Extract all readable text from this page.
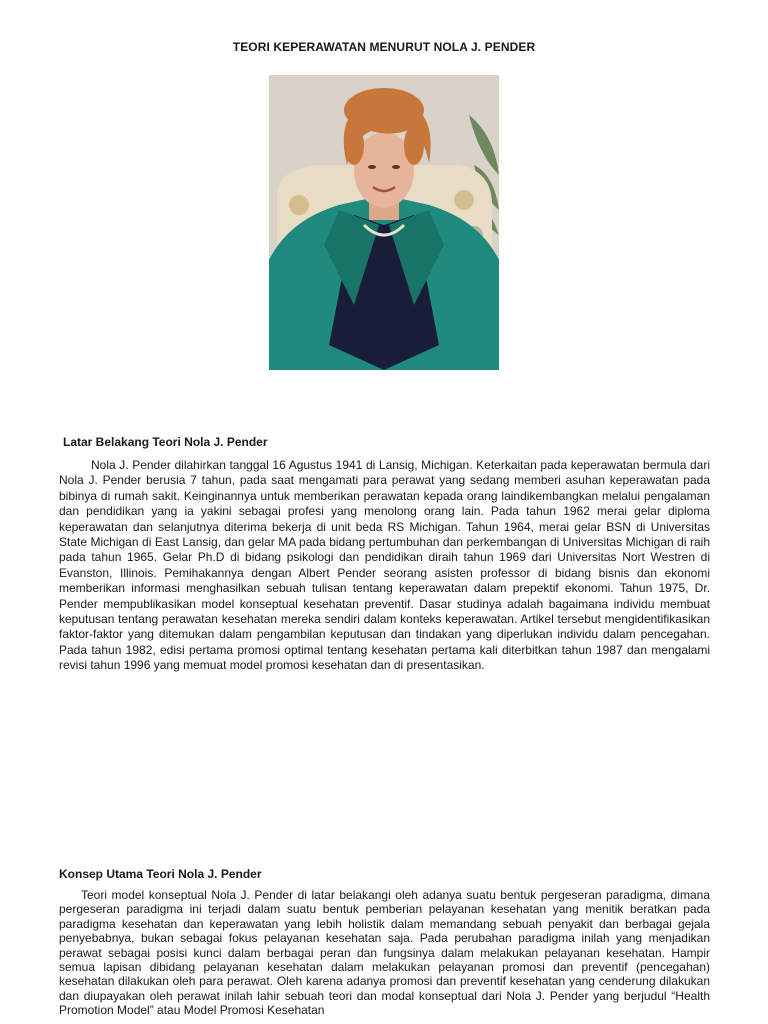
TEORI KEPERAWATAN MENURUT NOLA J. PENDER
Latar Belakang Teori Nola J. Pender

Nola J. Pender dilahirkan tanggal 16 Agustus 1941 di Lansig, Michigan. Keterkaitan pada keperawatan bermula dari Nola J. Pender berusia 7 tahun, pada saat mengamati para perawat yang sedang memberi asuhan keperawatan pada bibinya di rumah sakit. Keinginannya untuk memberikan perawatan kepada orang laindikembangkan melalui pengalaman dan pendidikan yang ia yakini sebagai profesi yang menolong orang lain. Pada tahun 1962 merai gelar diploma keperawatan dan selanjutnya diterima bekerja di unit beda RS Michigan. Tahun 1964, merai gelar BSN di Universitas State Michigan di East Lansig, dan gelar MA pada bidang pertumbuhan dan perkembangan di Universitas Michigan di raih pada tahun 1965. Gelar Ph.D di bidang psikologi dan pendidikan diraih tahun 1969 dari Universitas Nort Westren di Evanston, Illinois. Pemihakannya dengan Albert Pender seorang asisten professor di bidang bisnis dan ekonomi memberikan informasi menghasilkan sebuah tulisan tentang keperawatan dalam prepektif ekonomi. Tahun 1975, Dr. Pender mempublikasikan model konseptual kesehatan preventif. Dasar studinya adalah bagaimana individu membuat keputusan tentang perawatan kesehatan mereka sendiri dalam konteks keperawatan. Artikel tersebut mengidentifikasikan faktor-faktor yang ditemukan dalam pengambilan keputusan dan tindakan yang diperlukan individu dalam pencegahan. Pada tahun 1982, edisi pertama promosi optimal tentang kesehatan pertama kali diterbitkan tahun 1987 dan mengalami revisi tahun 1996 yang memuat model promosi kesehatan dan di presentasikan.

Konsep Utama Teori Nola J. Pender

Teori model konseptual Nola J. Pender di latar belakangi oleh adanya suatu bentuk pergeseran paradigma, dimana pergeseran paradigma ini terjadi dalam suatu bentuk pemberian pelayanan kesehatan yang menitik beratkan pada paradigma kesehatan dan keperawatan yang lebih holistik dalam memandang sebuah penyakit dan berbagai gejala penyebabnya, bukan sebagai fokus pelayanan kesehatan saja. Pada perubahan paradigma inilah yang menjadikan perawat sebagai posisi kunci dalam berbagai peran dan fungsinya dalam melakukan pelayanan kesehatan. Hampir semua lapisan dibidang pelayanan kesehatan dalam melakukan pelayanan promosi dan preventif (pencegahan) kesehatan dilakukan oleh para perawat. Oleh karena adanya promosi dan preventif kesehatan yang cenderung dilakukan dan diupayakan oleh perawat inilah lahir sebuah teori dan modal konseptual dari Nola J. Pender yang berjudul “Health Promotion Model” atau Model Promosi Kesehatan
